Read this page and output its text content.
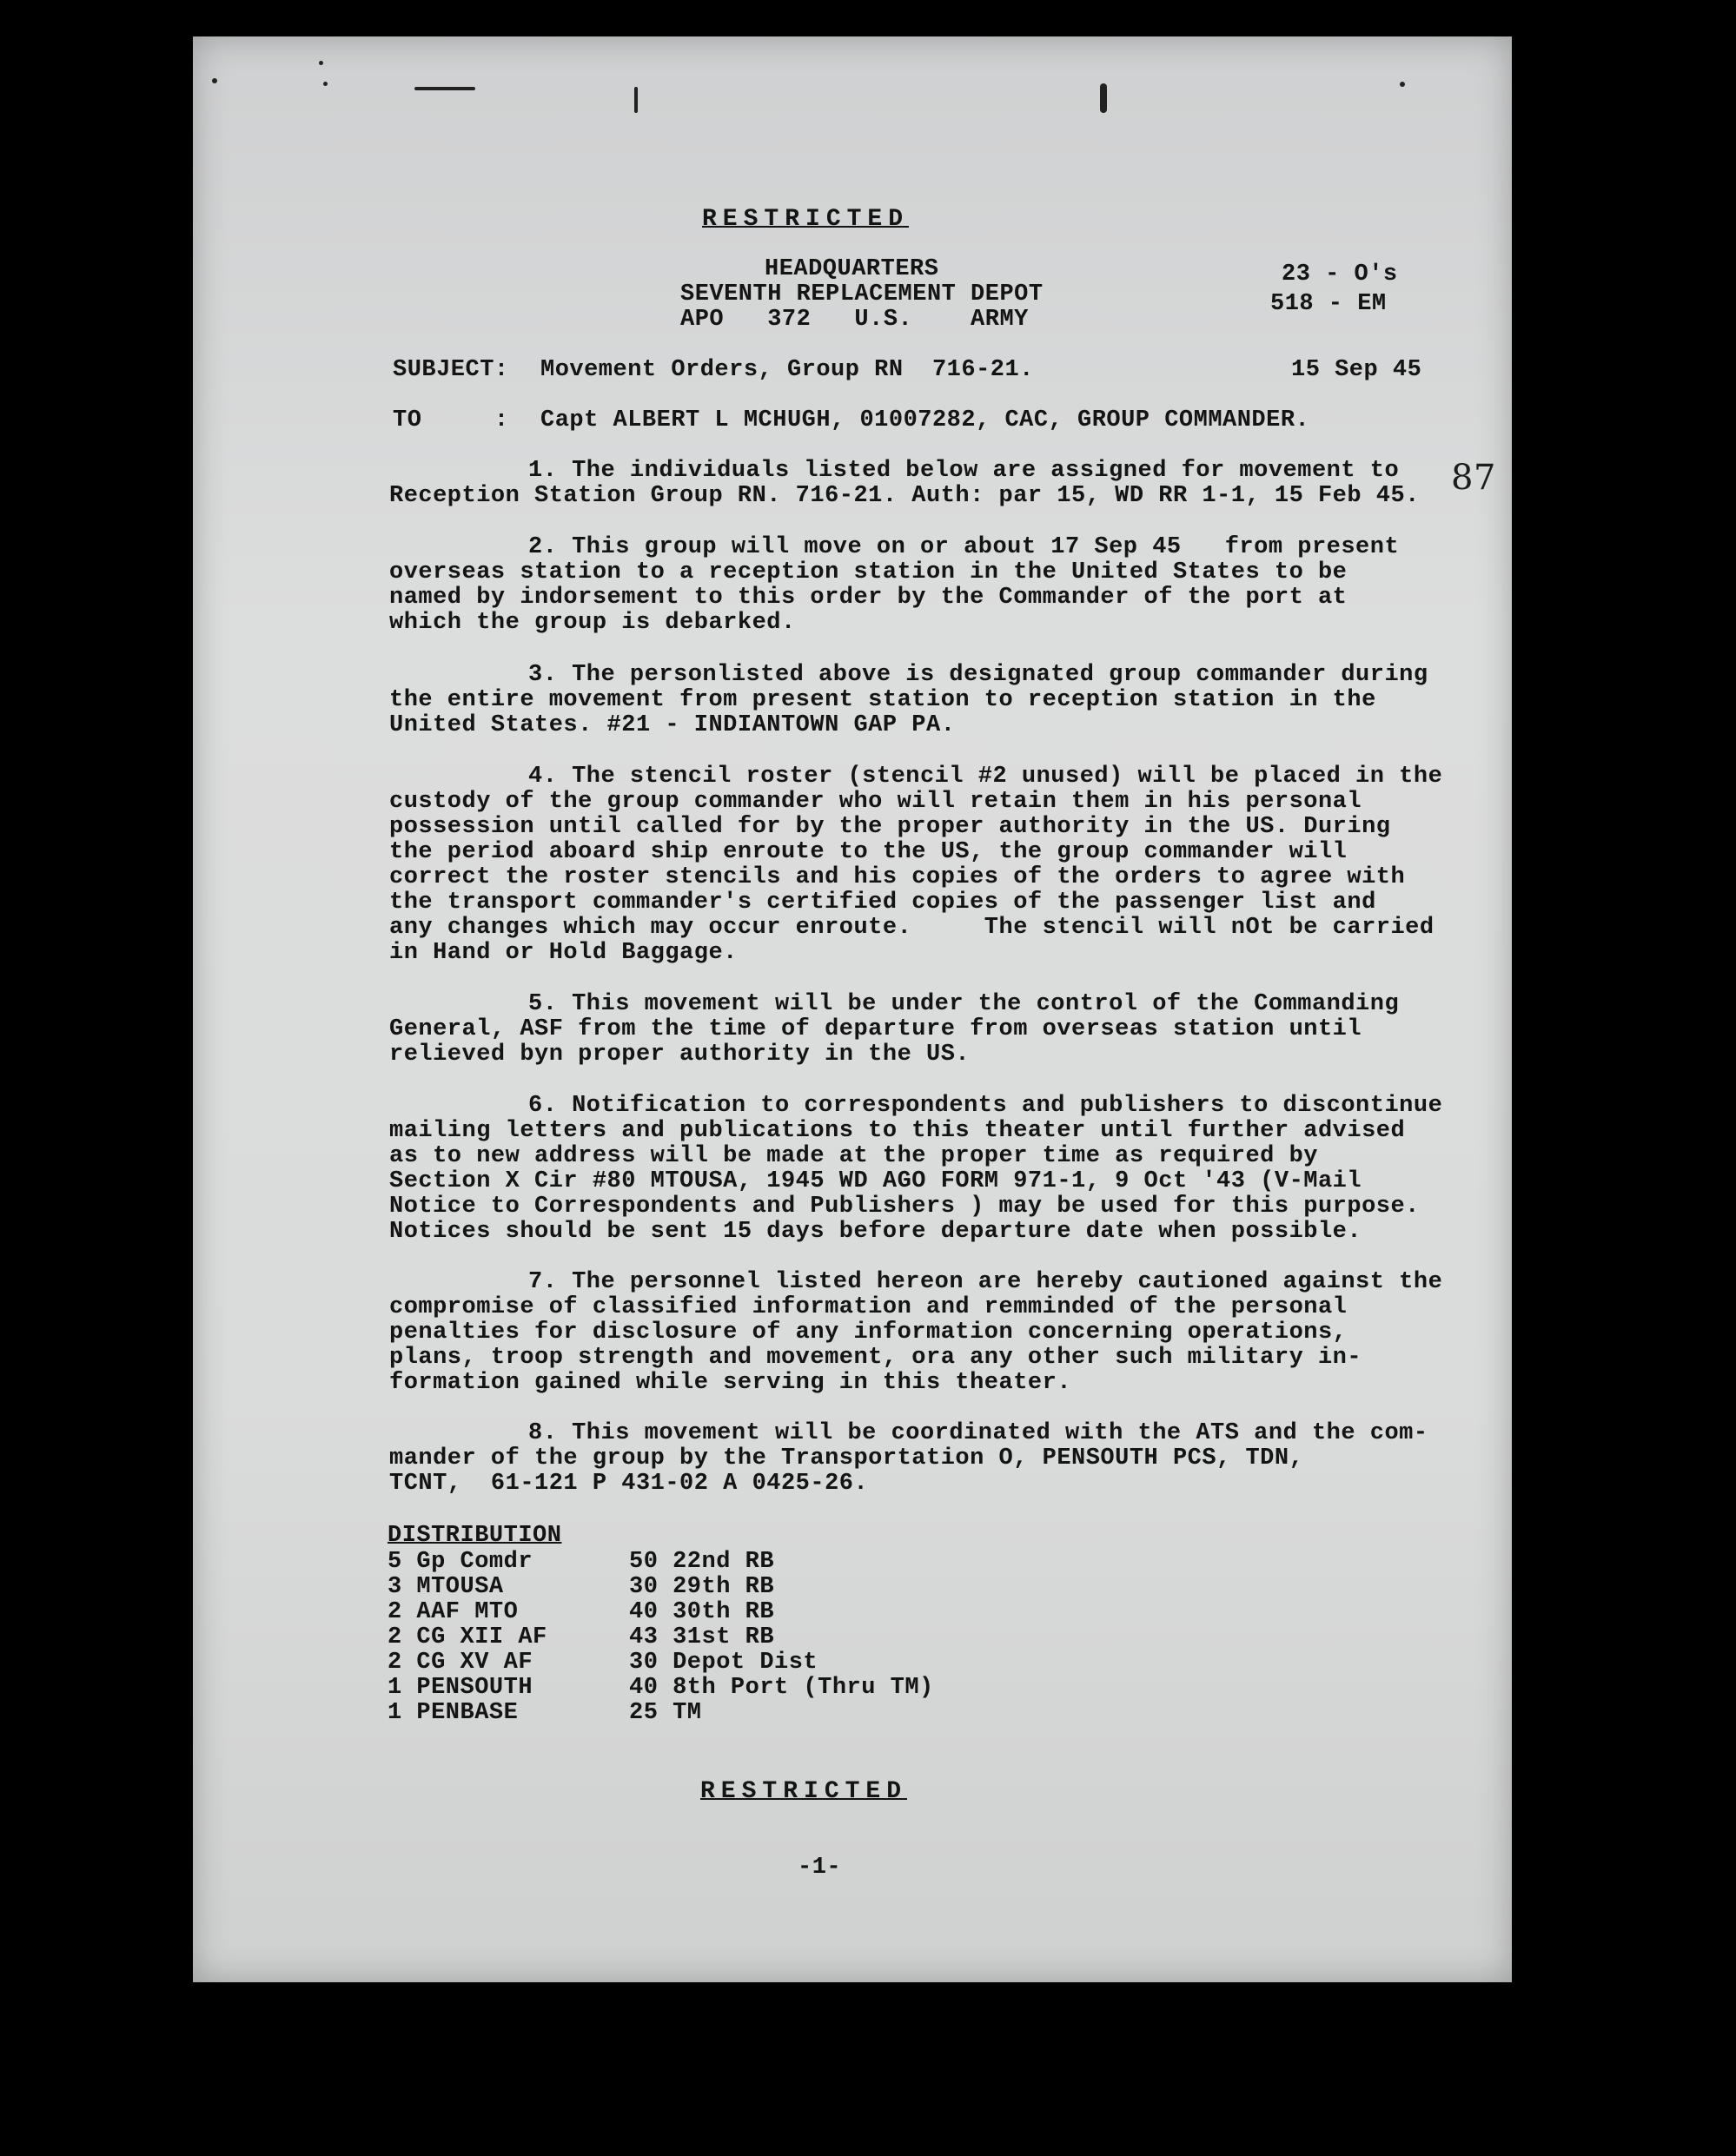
RESTRICTED
HEADQUARTERS
SEVENTH REPLACEMENT DEPOT
APO   372   U.S.    ARMY
23 - O's
518 - EM
SUBJECT: Movement Orders, Group RN  716-21.	15 Sep 45
TO     : Capt ALBERT L MCHUGH, 01007282, CAC, GROUP COMMANDER.
87
1. The individuals listed below are assigned for movement to
Reception Station Group RN. 716-21. Auth: par 15, WD RR 1-1, 15 Feb 45.
2. This group will move on or about 17 Sep 45   from present
overseas station to a reception station in the United States to be
named by indorsement to this order by the Commander of the port at
which the group is debarked.
3. The personlisted above is designated group commander during
the entire movement from present station to reception station in the
United States. #21 - INDIANTOWN GAP PA.
4. The stencil roster (stencil #2 unused) will be placed in the
custody of the group commander who will retain them in his personal
possession until called for by the proper authority in the US. During
the period aboard ship enroute to the US, the group commander will
correct the roster stencils and his copies of the orders to agree with
the transport commander's certified copies of the passenger list and
any changes which may occur enroute.     The stencil will nOt be carried
in Hand or Hold Baggage.
5. This movement will be under the control of the Commanding
General, ASF from the time of departure from overseas station until
relieved byn proper authority in the US.
6. Notification to correspondents and publishers to discontinue
mailing letters and publications to this theater until further advised
as to new address will be made at the proper time as required by
Section X Cir #80 MTOUSA, 1945 WD AGO FORM 971-1, 9 Oct '43 (V-Mail
Notice to Correspondents and Publishers ) may be used for this purpose.
Notices should be sent 15 days before departure date when possible.
7. The personnel listed hereon are hereby cautioned against the
compromise of classified information and remminded of the personal
penalties for disclosure of any information concerning operations,
plans, troop strength and movement, ora any other such military in-
formation gained while serving in this theater.
8. This movement will be coordinated with the ATS and the com-
mander of the group by the Transportation O, PENSOUTH PCS, TDN,
TCNT,  61-121 P 431-02 A 0425-26.
DISTRIBUTION
5 Gp Comdr
3 MTOUSA
2 AAF MTO
2 CG XII AF
2 CG XV AF
1 PENSOUTH
1 PENBASE
50 22nd RB
30 29th RB
40 30th RB
43 31st RB
30 Depot Dist
40 8th Port (Thru TM)
25 TM
RESTRICTED
-1-
